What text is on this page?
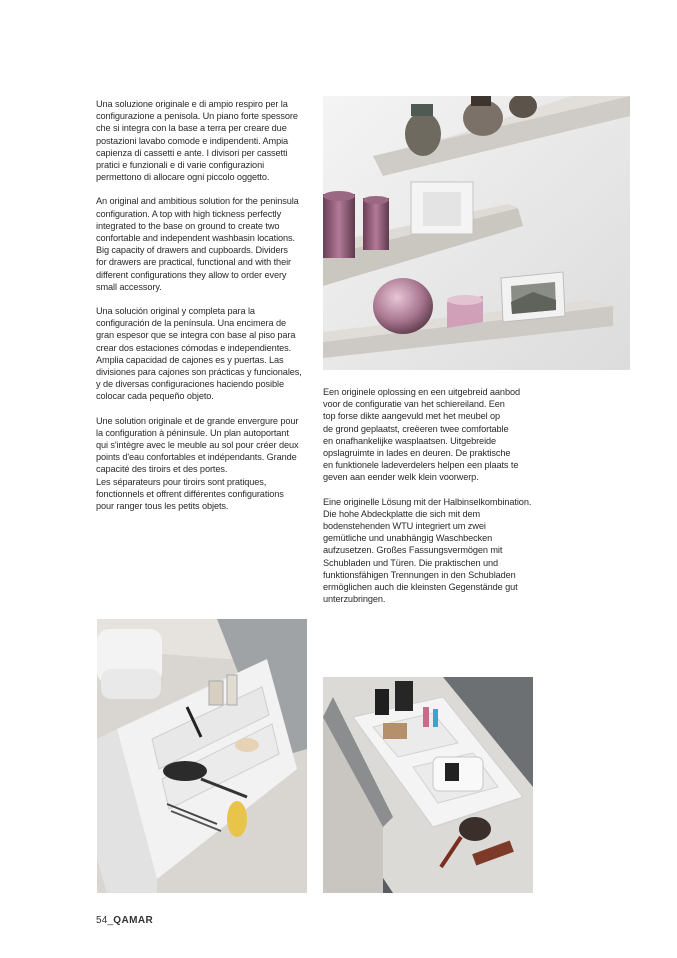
Una soluzione originale e di ampio respiro per la
configurazione a penisola. Un piano forte spessore
che si integra con la base a terra per creare due
postazioni lavabo comode e indipendenti. Ampia
capienza di cassetti e ante. I divisori per cassetti
pratici e funzionali e di varie configurazioni
permettono di allocare ogni piccolo oggetto.

An original and ambitious solution for the peninsula
configuration. A top with high tickness perfectly
integrated to the base on ground to create two
confortable and independent washbasin locations.
Big capacity of drawers and cupboards. Dividers
for drawers are practical, functional and with their
different configurations they allow to order every
small accessory.

Una solución original y completa para la
configuración de la península. Una encimera de
gran espesor que se integra con base al piso para
crear dos estaciones cómodas e independientes.
Amplia capacidad de cajones es y puertas. Las
divisiones para cajones son prácticas y funcionales,
y de diversas configuraciones haciendo posible
colocar cada pequeño objeto.

Une solution originale et de grande envergure pour
la configuration à péninsule. Un plan autoportant
qui s'intègre avec le meuble au sol pour créer deux
points d'eau confortables et indépendants. Grande
capacité des tiroirs et des portes.
Les séparateurs pour tiroirs sont pratiques,
fonctionnels et offrent différentes configurations
pour ranger tous les petits objets.

Een originele oplossing en een uitgebreid aanbod
voor de configuratie van het schiereiland. Een
top forse dikte aangevuld met het meubel op
de grond geplaatst, creëeren twee comfortable
en onafhankelijke wasplaatsen. Uitgebreide
opslagruimte in lades en deuren. De praktische
en funktionele ladeverdelers helpen een plaats te
geven aan eender welk klein voorwerp.

Eine originelle Lösung mit der Halbinselkombination.
Die hohe Abdeckplatte die sich mit dem
bodenstehenden WTU integriert um zwei
gemütliche und unabhängig Waschbecken
aufzusetzen. Großes Fassungsvermögen mit
Schubladen und Türen. Die praktischen und
funktionsfähigen Trennungen in den Schubladen
ermöglichen auch die kleinsten Gegenstände gut
unterzubringen.

54_QAMAR
